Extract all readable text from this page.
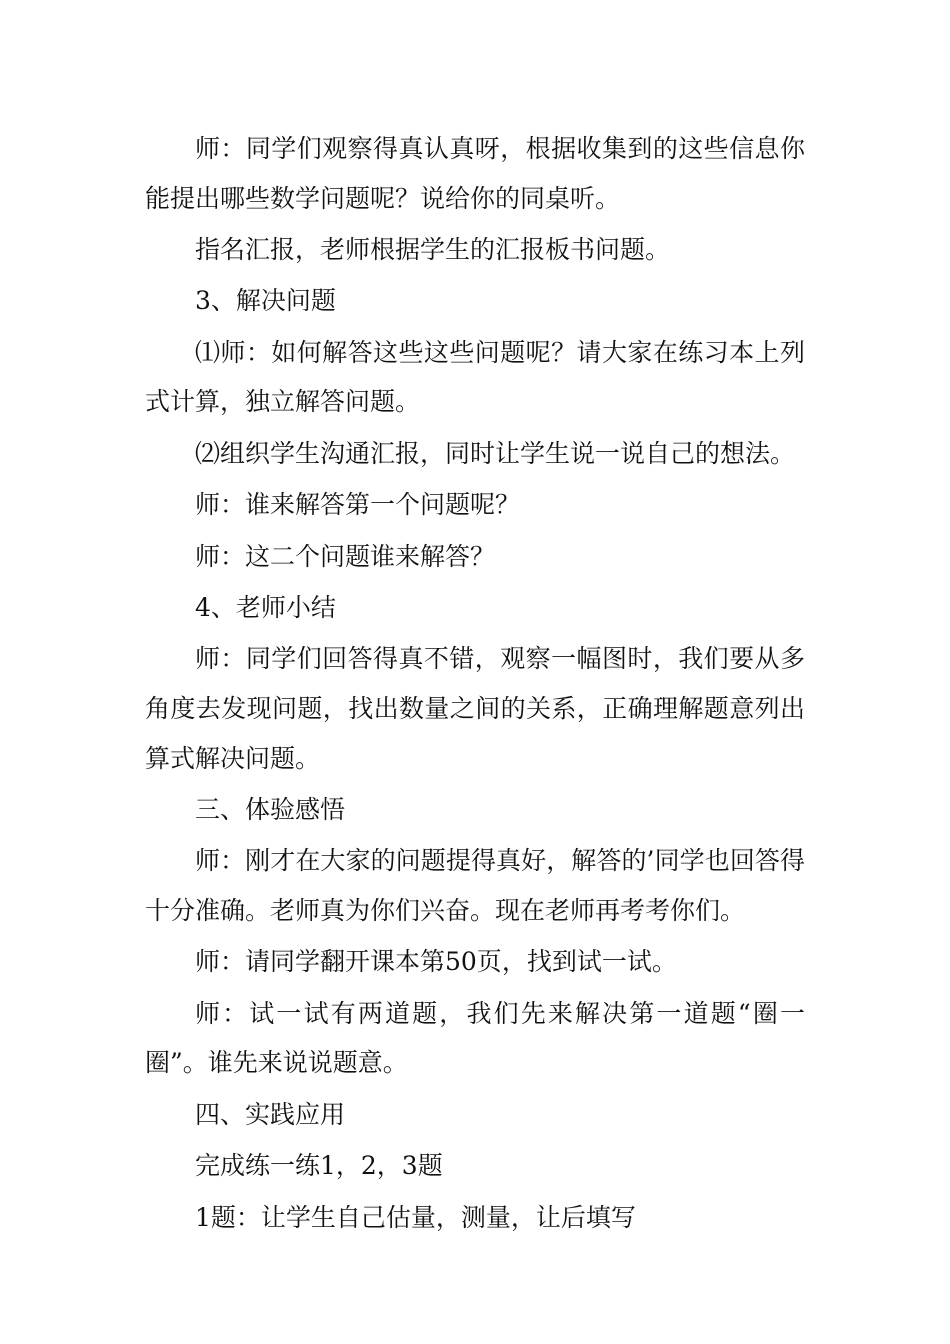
师：同学们观察得真认真呀，根据收集到的这些信息你能提出哪些数学问题呢？说给你的同桌听。

指名汇报，老师根据学生的汇报板书问题。

3、解决问题

⑴师：如何解答这些这些问题呢？请大家在练习本上列式计算，独立解答问题。

⑵组织学生沟通汇报，同时让学生说一说自己的想法。

师：谁来解答第一个问题呢？

师：这二个问题谁来解答？

4、老师小结

师：同学们回答得真不错，观察一幅图时，我们要从多角度去发现问题，找出数量之间的关系，正确理解题意列出算式解决问题。

三、体验感悟

师：刚才在大家的问题提得真好，解答的’同学也回答得十分准确。老师真为你们兴奋。现在老师再考考你们。

师：请同学翻开课本第50页，找到试一试。

师：试一试有两道题，我们先来解决第一道题“圈一圈”。谁先来说说题意。

四、实践应用

完成练一练1，2，3题

1题：让学生自己估量，测量，让后填写
